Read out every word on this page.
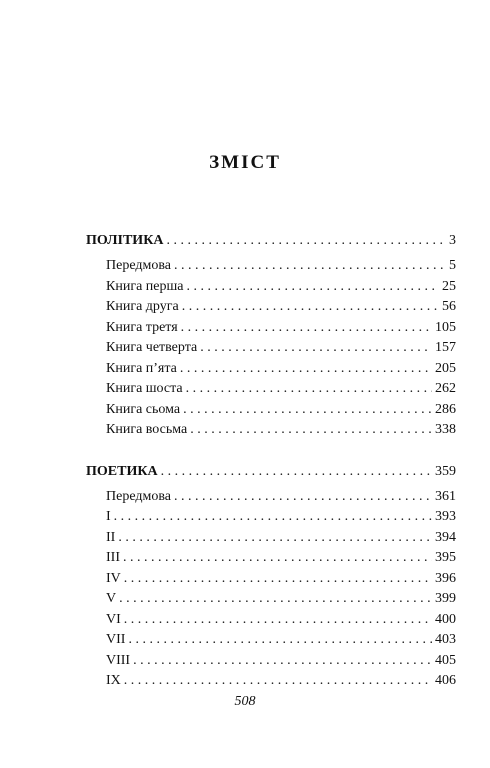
ЗМІСТ
ПОЛІТИКА . . .	3
Передмова . . .	5
Книга перша . . .	25
Книга друга . . .	56
Книга третя . . .	105
Книга четверта . . .	157
Книга п’ята . . .	205
Книга шоста . . .	262
Книга сьома . . .	286
Книга восьма . . .	338
ПОЕТИКА . . .	359
Передмова . . .	361
I . . .	393
II . . .	394
III . . .	395
IV . . .	396
V . . .	399
VI . . .	400
VII . . .	403
VIII . . .	405
IX . . .	406
508
